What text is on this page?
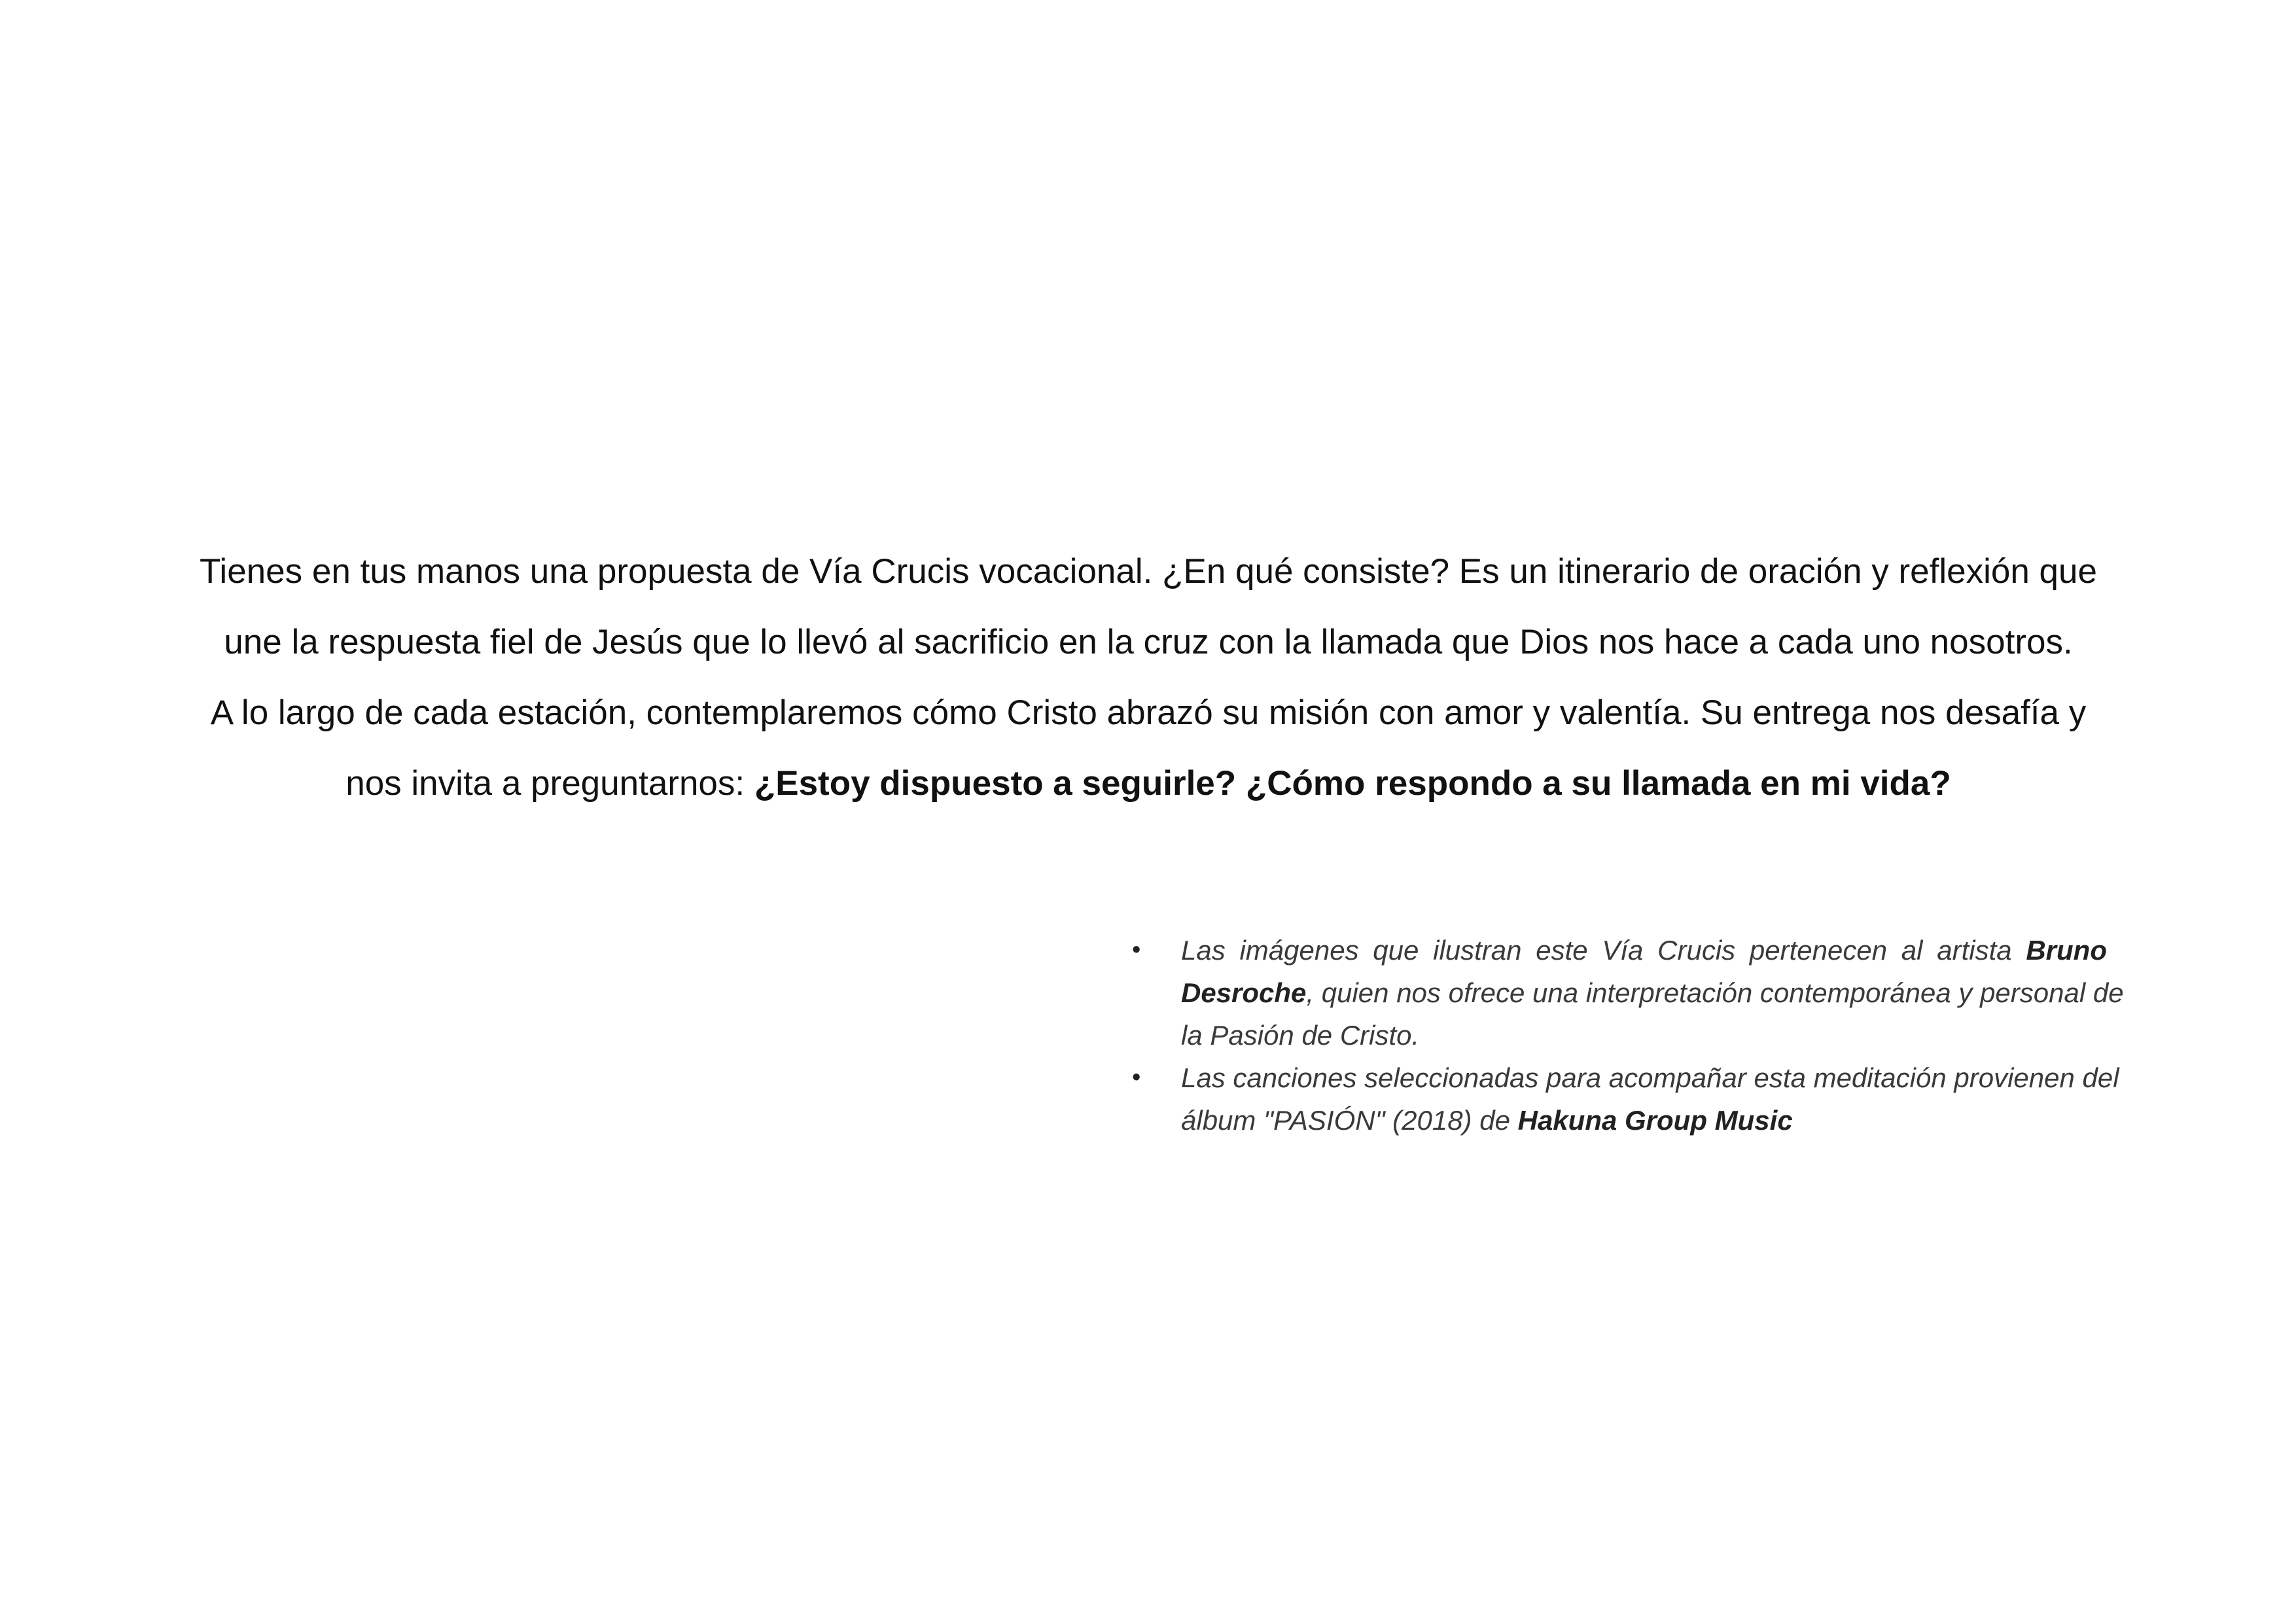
Tienes en tus manos una propuesta de Vía Crucis vocacional. ¿En qué consiste? Es un itinerario de oración y reflexión que
une la respuesta fiel de Jesús que lo llevó al sacrificio en la cruz con la llamada que Dios nos hace a cada uno nosotros.
A lo largo de cada estación, contemplaremos cómo Cristo abrazó su misión con amor y valentía. Su entrega nos desafía y
nos invita a preguntarnos: ¿Estoy dispuesto a seguirle? ¿Cómo respondo a su llamada en mi vida?
• Las imágenes que ilustran este Vía Crucis pertenecen al artista Bruno
Desroche, quien nos ofrece una interpretación contemporánea y personal de
la Pasión de Cristo.
• Las canciones seleccionadas para acompañar esta meditación provienen del
álbum "PASIÓN" (2018) de Hakuna Group Music
